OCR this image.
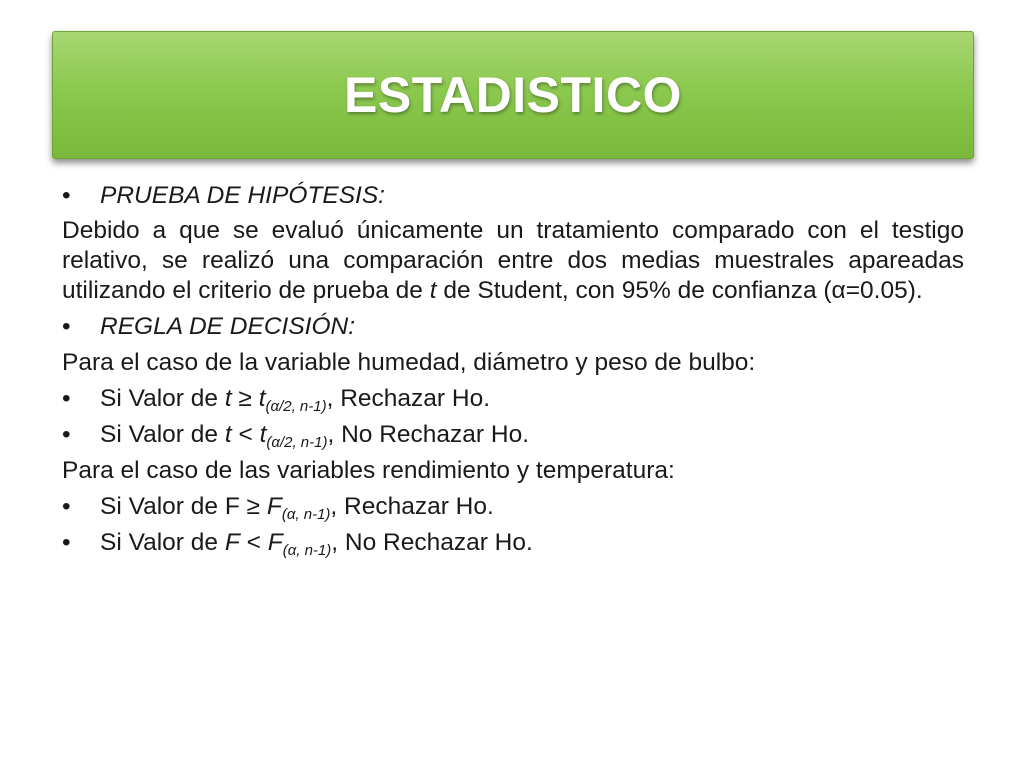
ESTADISTICO
•	PRUEBA DE HIPÓTESIS:

Debido a que se evaluó únicamente un tratamiento comparado con el testigo relativo, se realizó una comparación entre dos medias muestrales apareadas utilizando el criterio de prueba de t de Student, con 95% de confianza (α=0.05).

•	REGLA DE DECISIÓN:
Para el caso de la variable humedad, diámetro y peso de bulbo:
•	Si Valor de $t \ge t_{(\alpha/2, n-1)}$, Rechazar Ho.
•	Si Valor de $t < t_{(\alpha/2, n-1)}$, No Rechazar Ho.
Para el caso de las variables rendimiento y temperatura:
•	Si Valor de $F \ge F_{(\alpha, n-1)}$, Rechazar Ho.
•	Si Valor de $F < F_{(\alpha, n-1)}$, No Rechazar Ho.
